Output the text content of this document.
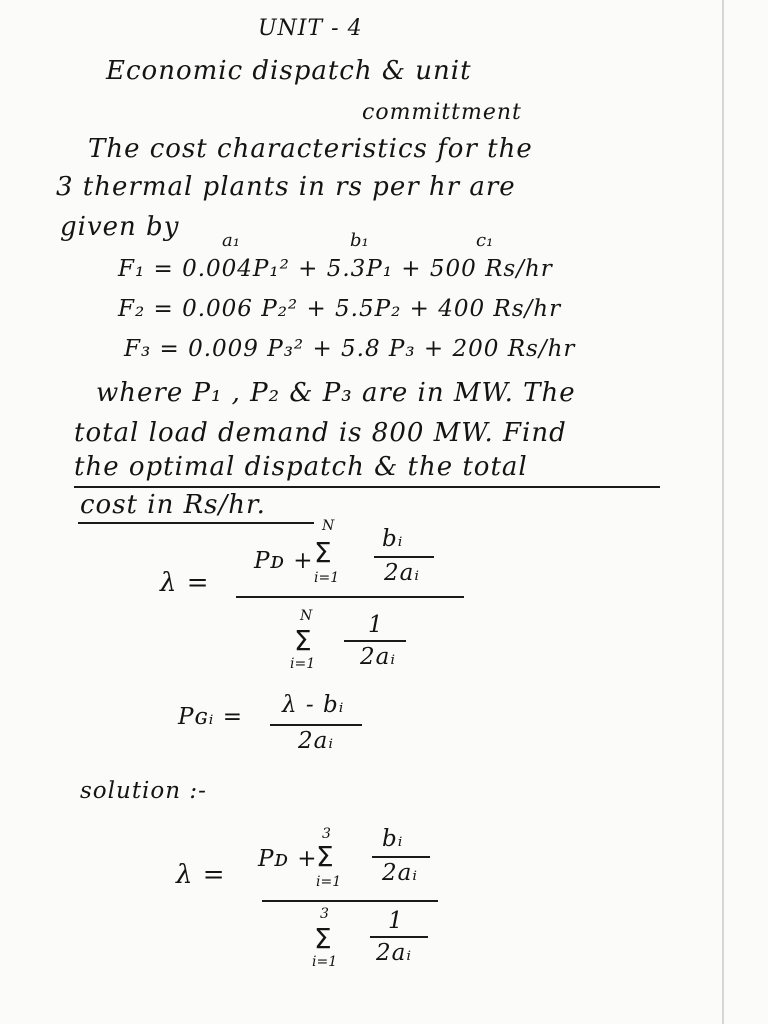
UNIT - 4
Economic dispatch & unit
committment
The cost characteristics for the
3 thermal plants in rs per hr are
given by a₁	b₁	c₁
F₁ = 0.004P₁² + 5.3P₁ + 500 Rs/hr
F₂ = 0.006 P₂² + 5.5P₂ + 400 Rs/hr
F₃ = 0.009 P₃² + 5.8 P₃ + 200 Rs/hr
where P₁ , P₂ & P₃ are in MW. The
total load demand is 800 MW. Find
the optimal dispatch & the total
cost in Rs/hr.
λ =
Pᴅ +
N
Σ
i=1
bᵢ
2aᵢ
N
Σ
i=1
1
2aᵢ
Pɢᵢ = λ - bᵢ
2aᵢ
solution :-
λ =
Pᴅ +
3
Σ
i=1
bᵢ
2aᵢ
3
Σ
i=1
1
2aᵢ
